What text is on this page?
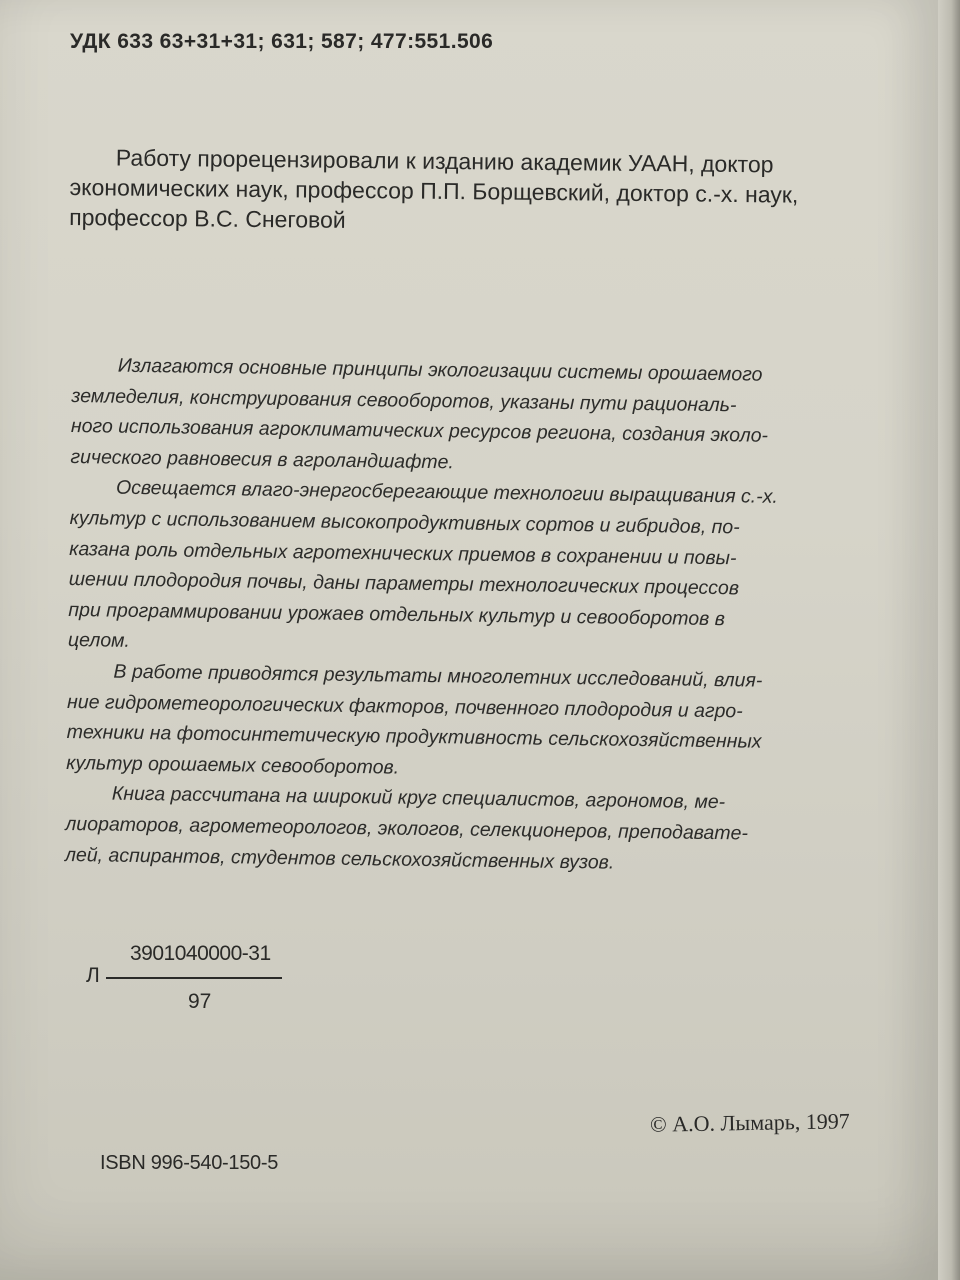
УДК 633 63+31+31; 631; 587; 477:551.506
Работу прорецензировали к изданию академик УААН, доктор
экономических наук, профессор П.П. Борщевский, доктор с.-х. наук,
профессор В.С. Снеговой
Излагаются основные принципы экологизации системы орошаемого
земледелия, конструирования севооборотов, указаны пути рациональ-
ного использования агроклиматических ресурсов региона, создания эколо-
гического равновесия в агроландшафте.
Освещается влаго-энергосберегающие технологии выращивания с.-х.
культур с использованием высокопродуктивных сортов и гибридов, по-
казана роль отдельных агротехнических приемов в сохранении и повы-
шении плодородия почвы, даны параметры технологических процессов
при программировании урожаев отдельных культур и севооборотов в
целом.
В работе приводятся результаты многолетних исследований, влия-
ние гидрометеорологических факторов, почвенного плодородия и агро-
техники на фотосинтетическую продуктивность сельскохозяйственных
культур орошаемых севооборотов.
Книга рассчитана на широкий круг специалистов, агрономов, ме-
лиораторов, агрометеорологов, экологов, селекционеров, преподавате-
лей, аспирантов, студентов сельскохозяйственных вузов.
Л
3901040000-31
97
© А.О. Лымарь, 1997
ISBN 996-540-150-5
